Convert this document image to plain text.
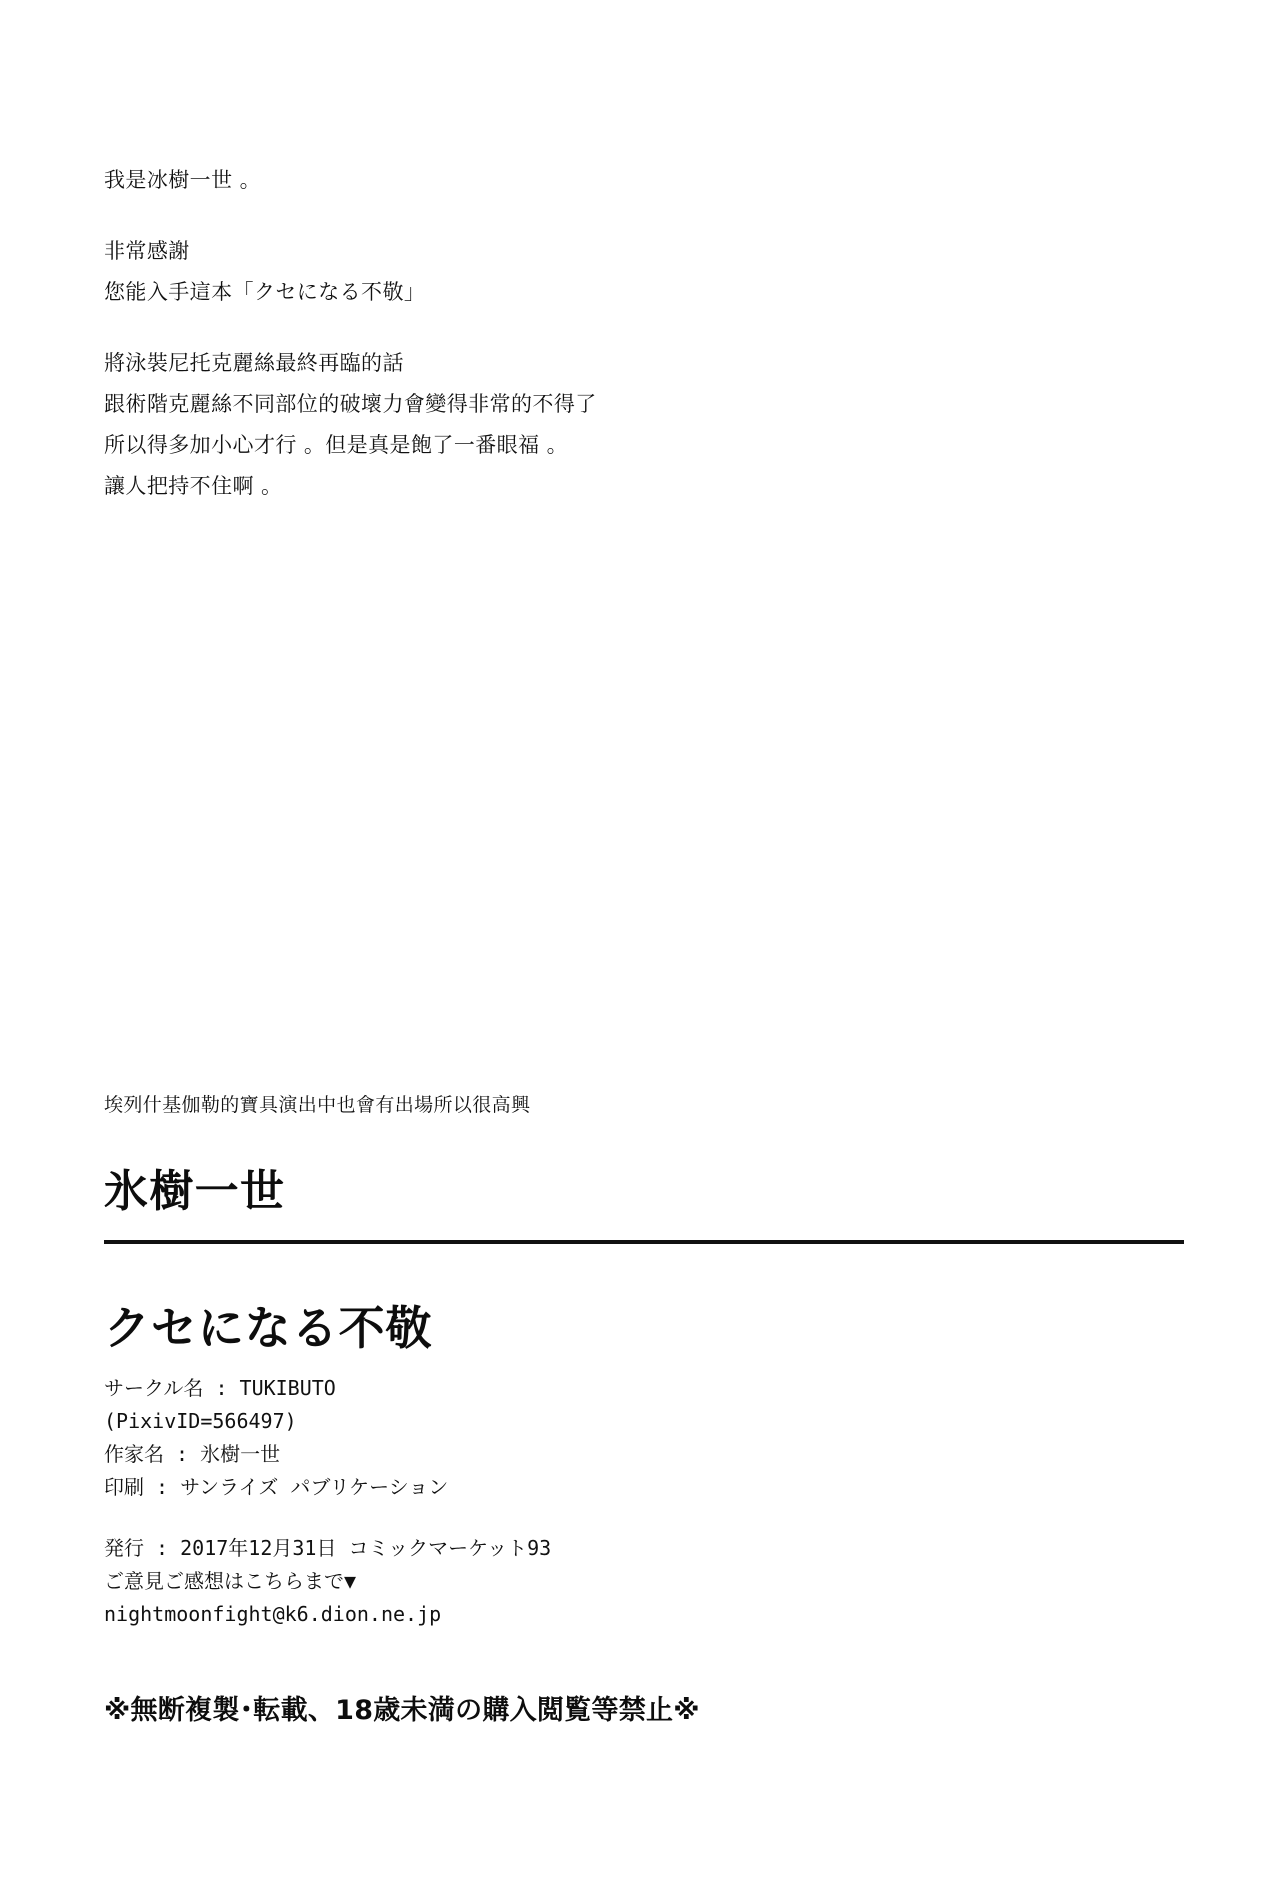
我是冰樹一世 。

非常感謝
您能入手這本「クセになる不敬」

將泳裝尼托克麗絲最終再臨的話
跟術階克麗絲不同部位的破壞力會變得非常的不得了
所以得多加小心才行 。但是真是飽了一番眼福 。
讓人把持不住啊 。

埃列什基伽勒的寶具演出中也會有出場所以很高興
氷樹一世
クセになる不敬
サークル名 : TUKIBUTO
(PixivID=566497)
作家名 : 氷樹一世
印刷 : サンライズ パブリケーション
発行 : 2017年12月31日 コミックマーケット93
ご意見ご感想はこちらまで▼
nightmoonfight@k6.dion.ne.jp
※無断複製･転載、18歳未満の購入閲覧等禁止※
